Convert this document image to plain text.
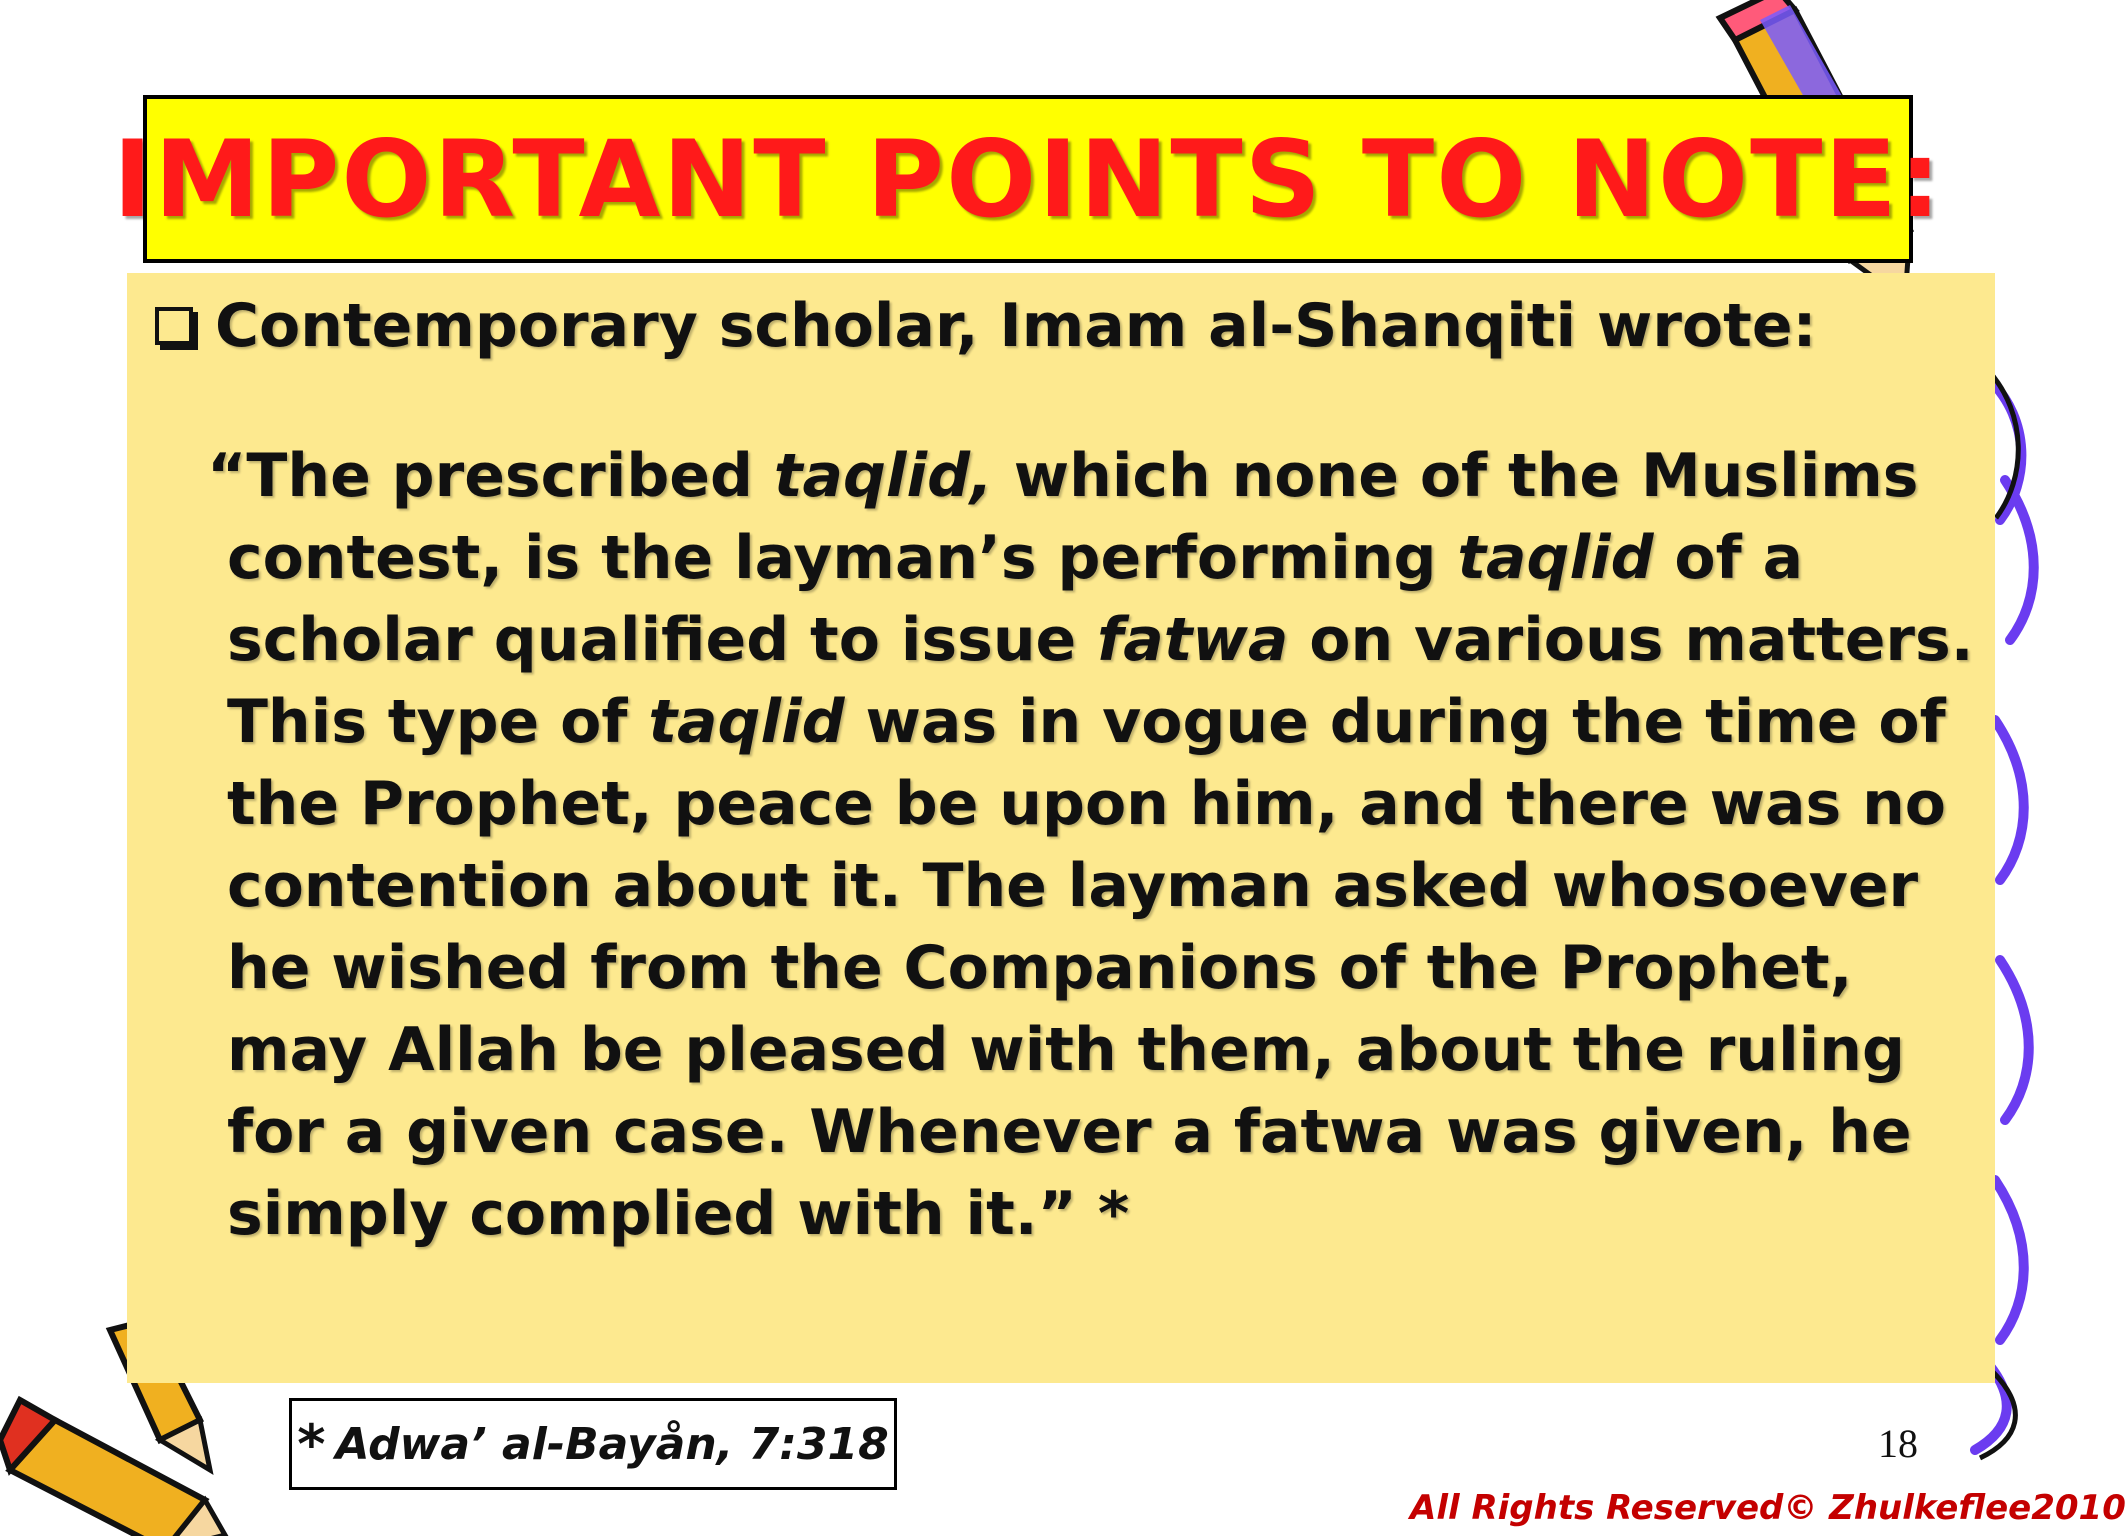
IMPORTANT POINTS TO NOTE:
Contemporary scholar, Imam al-Shanqiti wrote:
“The prescribed taqlid, which none of the Muslims
contest, is the layman’s performing taqlid of a
scholar qualified to issue fatwa on various matters.
This type of taqlid was in vogue during the time of
the Prophet, peace be upon him, and there was no
contention about it. The layman asked whosoever
he wished from the Companions of the Prophet,
may Allah be pleased with them, about the ruling
for a given case. Whenever a fatwa was given, he
simply complied with it.” *
* Adwa’ al-Bayån, 7:318	18
All Rights Reserved© Zhulkeflee2010
